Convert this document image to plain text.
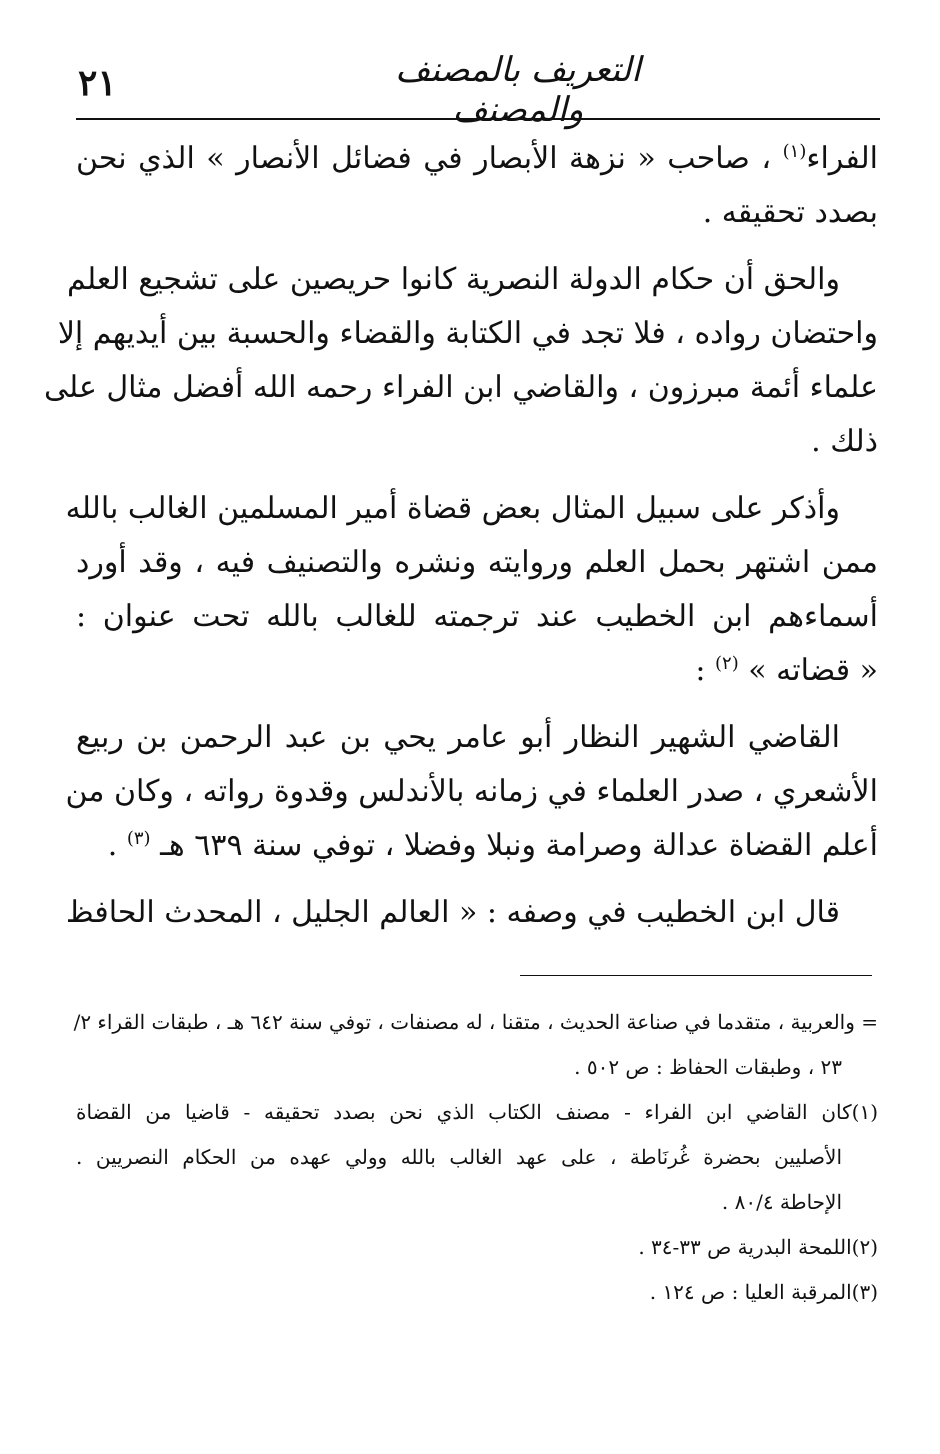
٢١	التعريف بالمصنف والمصنف

الفراء$^{(١)}$ ، صاحب « نزهة الأبصار في فضائل الأنصار » الذي نحن
بصدد تحقيقه .

والحق أن حكام الدولة النصرية كانوا حريصين على تشجيع العلم
واحتضان رواده ، فلا تجد في الكتابة والقضاء والحسبة بين أيديهم إلا
علماء أئمة مبرزون ، والقاضي ابن الفراء رحمه الله أفضل مثال على
ذلك .

وأذكر على سبيل المثال بعض قضاة أمير المسلمين الغالب بالله
ممن اشتهر بحمل العلم وروايته ونشره والتصنيف فيه ، وقد أورد
أسماءهم ابن الخطيب عند ترجمته للغالب بالله تحت عنوان :
« قضاته » $^{(٢)}$ :

القاضي الشهير النظار أبو عامر يحي بن عبد الرحمن بن ربيع
الأشعري ، صدر العلماء في زمانه بالأندلس وقدوة رواته ، وكان من
أعلم القضاة عدالة وصرامة ونبلا وفضلا ، توفي سنة ٦٣٩ هـ $^{(٣)}$ .

قال ابن الخطيب في وصفه : « العالم الجليل ، المحدث الحافظ

= والعربية ، متقدما في صناعة الحديث ، متقنا ، له مصنفات ، توفي سنة ٦٤٢ هـ ، طبقات القراء ٢/
٢٣ ، وطبقات الحفاظ : ص ٥٠٢ .

(١)كان القاضي ابن الفراء - مصنف الكتاب الذي نحن بصدد تحقيقه - قاضيا من القضاة
الأصليين بحضرة غُرنَاطة ، على عهد الغالب بالله وولي عهده من الحكام النصريين .
الإحاطة ٨٠/٤ .

(٢)اللمحة البدرية ص ٣٣-٣٤ .

(٣)المرقبة العليا : ص ١٢٤ .
